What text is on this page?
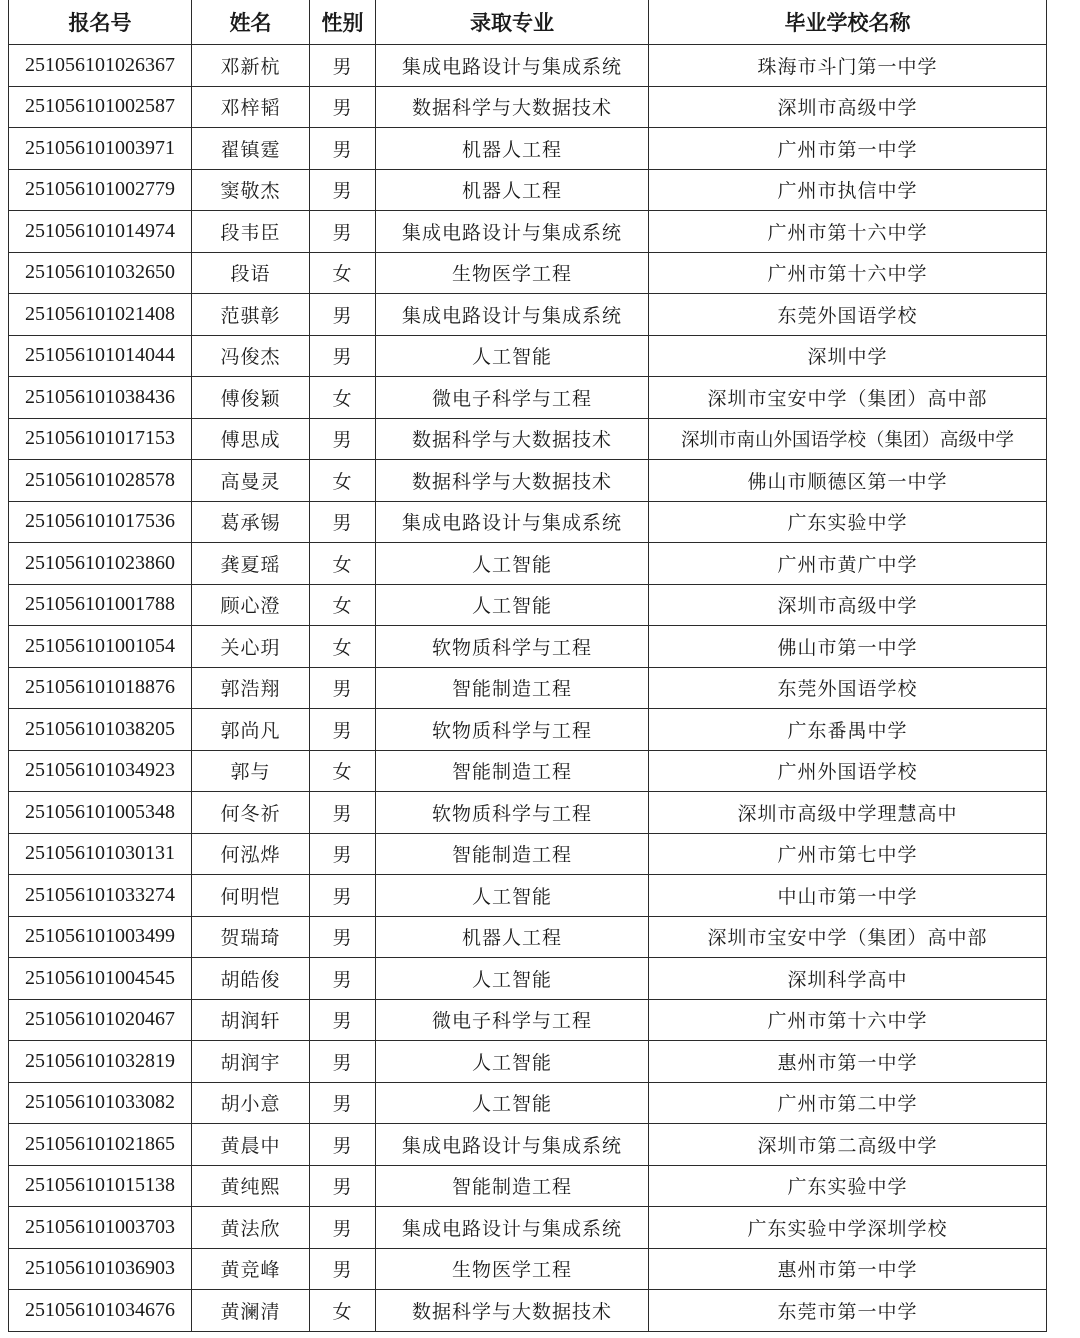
报名号	姓名	性别	录取专业	毕业学校名称
251056101026367	邓新杭	男	集成电路设计与集成系统	珠海市斗门第一中学
251056101002587	邓梓韬	男	数据科学与大数据技术	深圳市高级中学
251056101003971	翟镇霆	男	机器人工程	广州市第一中学
251056101002779	窦敬杰	男	机器人工程	广州市执信中学
251056101014974	段韦臣	男	集成电路设计与集成系统	广州市第十六中学
251056101032650	段语	女	生物医学工程	广州市第十六中学
251056101021408	范骐彰	男	集成电路设计与集成系统	东莞外国语学校
251056101014044	冯俊杰	男	人工智能	深圳中学
251056101038436	傅俊颖	女	微电子科学与工程	深圳市宝安中学（集团）高中部
251056101017153	傅思成	男	数据科学与大数据技术	深圳市南山外国语学校（集团）高级中学
251056101028578	高曼灵	女	数据科学与大数据技术	佛山市顺德区第一中学
251056101017536	葛承锡	男	集成电路设计与集成系统	广东实验中学
251056101023860	龚夏瑶	女	人工智能	广州市黄广中学
251056101001788	顾心澄	女	人工智能	深圳市高级中学
251056101001054	关心玥	女	软物质科学与工程	佛山市第一中学
251056101018876	郭浩翔	男	智能制造工程	东莞外国语学校
251056101038205	郭尚凡	男	软物质科学与工程	广东番禺中学
251056101034923	郭与	女	智能制造工程	广州外国语学校
251056101005348	何冬祈	男	软物质科学与工程	深圳市高级中学理慧高中
251056101030131	何泓烨	男	智能制造工程	广州市第七中学
251056101033274	何明恺	男	人工智能	中山市第一中学
251056101003499	贺瑞琦	男	机器人工程	深圳市宝安中学（集团）高中部
251056101004545	胡皓俊	男	人工智能	深圳科学高中
251056101020467	胡润轩	男	微电子科学与工程	广州市第十六中学
251056101032819	胡润宇	男	人工智能	惠州市第一中学
251056101033082	胡小意	男	人工智能	广州市第二中学
251056101021865	黄晨中	男	集成电路设计与集成系统	深圳市第二高级中学
251056101015138	黄纯熙	男	智能制造工程	广东实验中学
251056101003703	黄法欣	男	集成电路设计与集成系统	广东实验中学深圳学校
251056101036903	黄竞峰	男	生物医学工程	惠州市第一中学
251056101034676	黄澜清	女	数据科学与大数据技术	东莞市第一中学
